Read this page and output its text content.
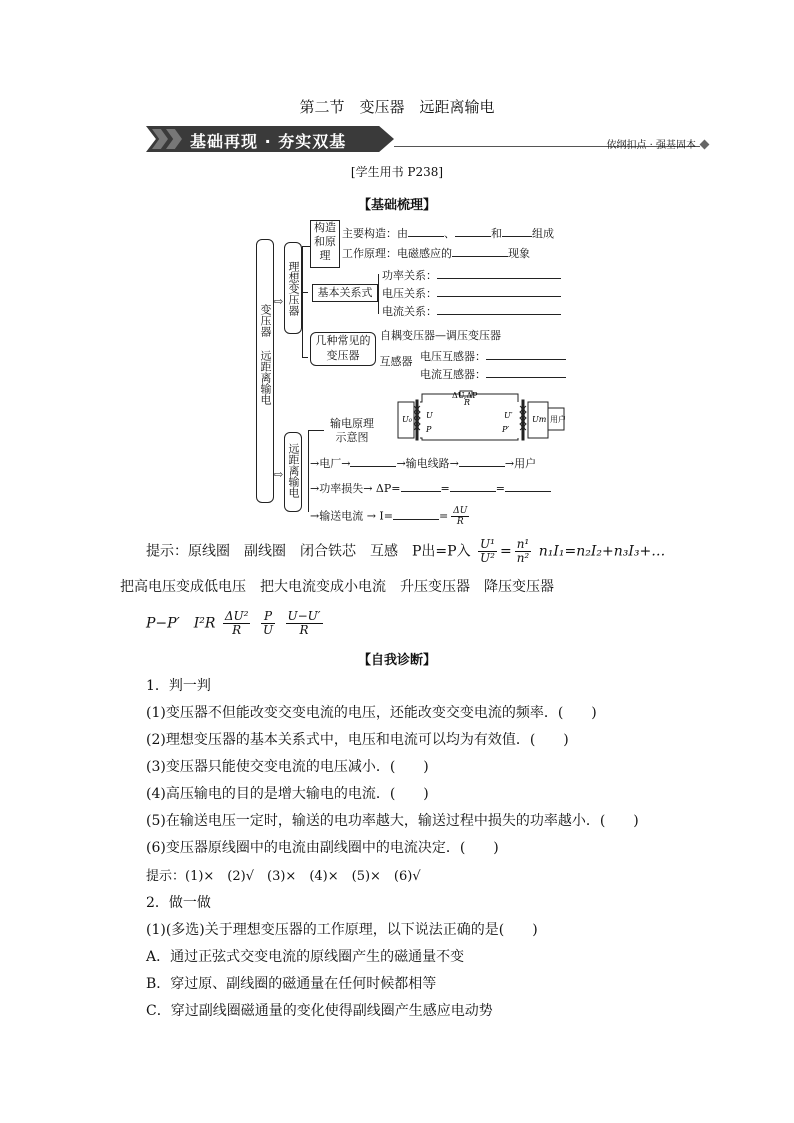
第二节　变压器　远距离输电
基础再现 · 夯实双基	依纲扣点 · 强基固本
[学生用书 P238]
【基础梳理】
变压器 远距离输电
⇨
⇨
理想变压器
构造和原理
主要构造：由	、	和	组成
工作原理：电磁感应的	现象
基本关系式
功率关系：
电压关系：
电流关系：
几种常见的变压器
自耦变压器—调压变压器
互感器 电压互感器：
电流互感器：
远距离输电
输电原理示意图
ΔU,ΔP
R
U₀ U
P
U′
P′
Um 用户
→电厂→	→输电线路→	→用户
→功率损失→ ΔP=	=	=
→输送电流 → I=	= $\frac{\Delta U}{R}$
提示：原线圈　副线圈　闭合铁芯　互感　P出=P入 $\frac{\text{U¹}}{\text{U²}} = \frac{\text{n¹}}{\text{n²}}$ n₁I₁=n₂I₂+n₃I₃+…
把高电压变成低电压　把大电流变成小电流　升压变压器　降压变压器
P−P′　$I^2R \frac{\text{ΔU²}}{R}$
$\frac{P}{U}$
$\frac{U-U'}{R}$
【自我诊断】
1．判一判
(1)变压器不但能改变交变电流的电压，还能改变交变电流的频率．(　　)
(2)理想变压器的基本关系式中，电压和电流可以均为有效值．(　　)
(3)变压器只能使交变电流的电压减小．(　　)
(4)高压输电的目的是增大输电的电流．(　　)
(5)在输送电压一定时，输送的电功率越大，输送过程中损失的功率越小．(　　)
(6)变压器原线圈中的电流由副线圈中的电流决定．(　　)
提示：(1)×　(2)√　(3)×　(4)×　(5)×　(6)√
2．做一做
(1)(多选)关于理想变压器的工作原理，以下说法正确的是(　　)
A．通过正弦式交变电流的原线圈产生的磁通量不变
B．穿过原、副线圈的磁通量在任何时候都相等
C．穿过副线圈磁通量的变化使得副线圈产生感应电动势
